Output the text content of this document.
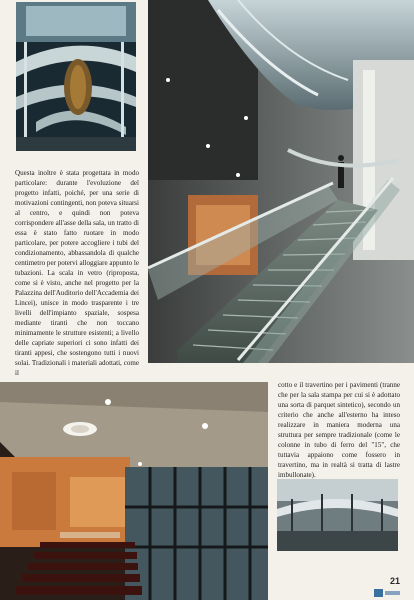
Questa inoltre è stata progettata in modo particolare: durante l'evoluzione del progetto infatti, poiché, per una serie di motivazioni contingenti, non poteva situarsi al centro, e quindi non poteva corrispondere all'asse della sala, un tratto di essa è stato fatto ruotare in modo particolare, per potere accogliere i tubi del condizionamento, abbassandola di qualche centimetro per potervi alloggiare appunto le tubazioni. La scala in vetro (riproposta, come si è visto, anche nel progetto per la Palazzina dell'Auditorio dell'Accademia dei Lincei), unisce in modo trasparente i tre livelli dell'impianto spaziale, sospesa mediante tiranti che non toccano minimamente le strutture esistenti; a livello delle capriate superiori ci sono infatti dei tiranti appesi, che sostengono tutti i nuovi solai. Tradizionali i materiali adottati, come il

cotto e il travertino per i pavimenti (tranne che per la sala stampa per cui si è adottato una sorta di parquet sintetico), secondo un criterio che anche all'esterno ha inteso realizzare in maniera moderna una struttura per sempre tradizionale (come le colonne in tubo di ferro del "15", che tuttavia appaiono come fossero in travertino, ma in realtà si tratta di lastre imbullonate).

21
